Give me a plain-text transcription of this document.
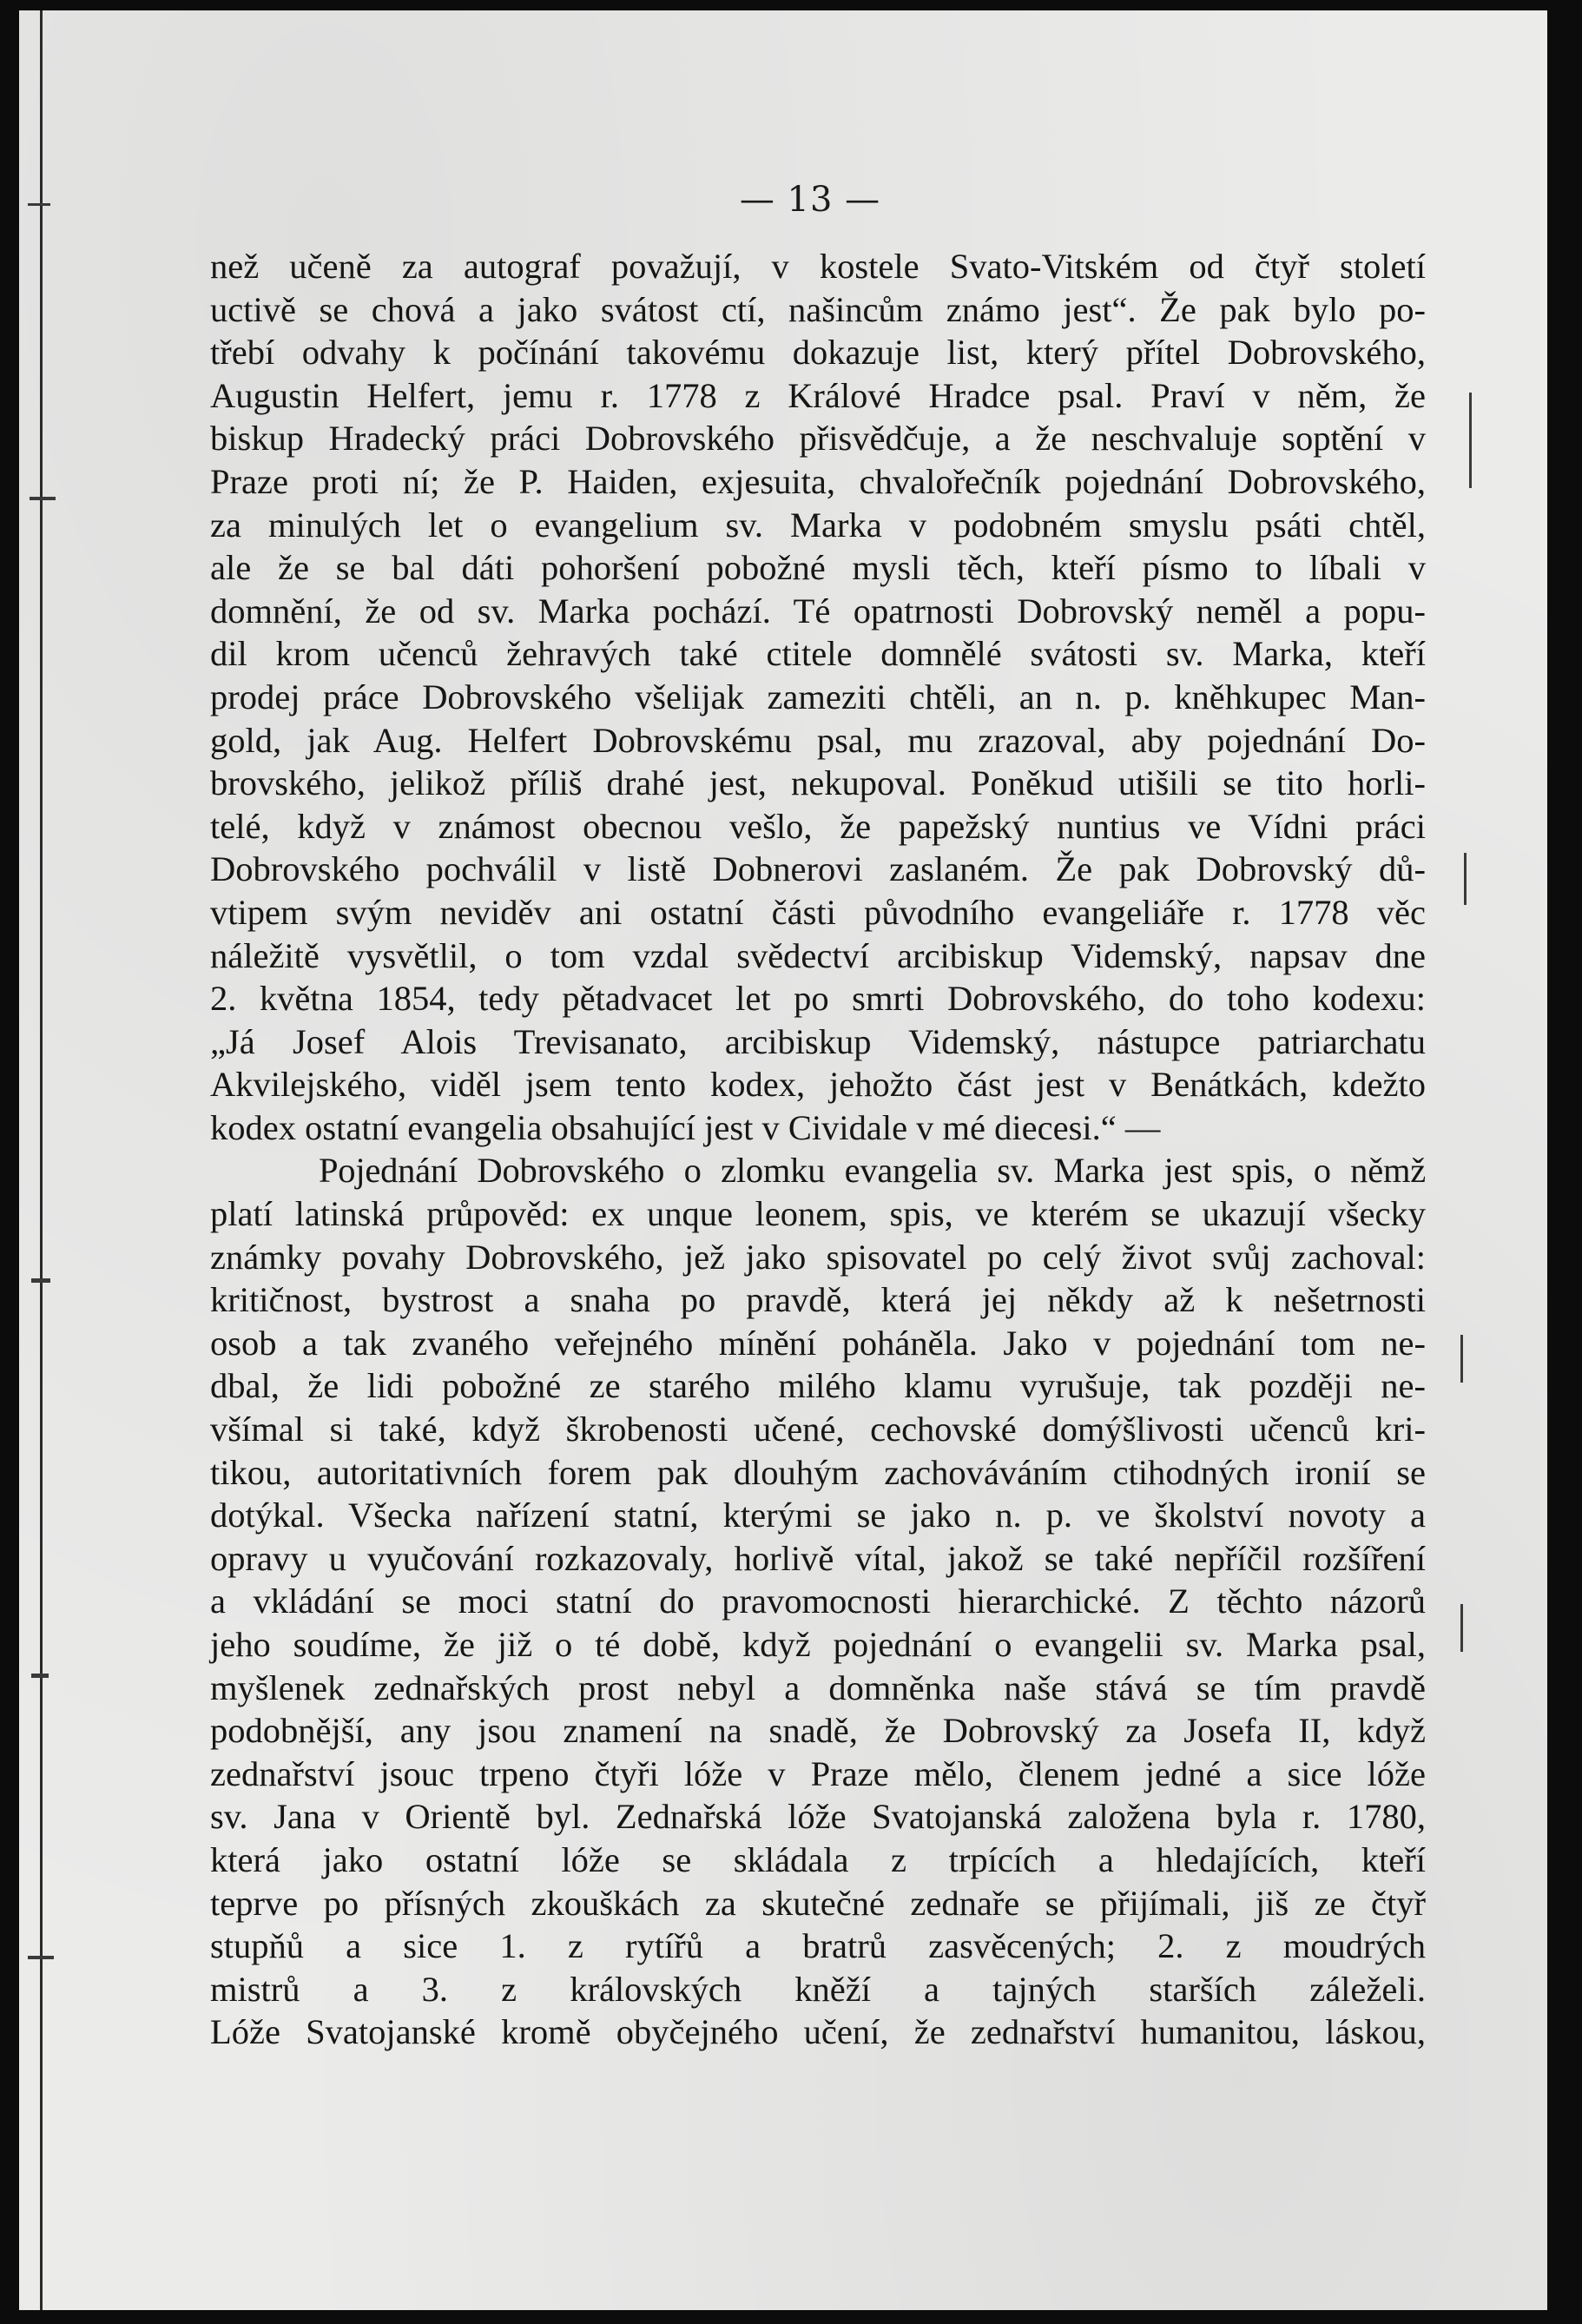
— 13 —
než učeně za autograf považují, v kostele Svato-Vitském od čtyř století
uctivě se chová a jako svátost ctí, našincům známo jest“. Že pak bylo po-
třebí odvahy k počínání takovému dokazuje list, který přítel Dobrovského,
Augustin Helfert, jemu r. 1778 z Králové Hradce psal. Praví v něm, že
biskup Hradecký práci Dobrovského přisvědčuje, a že neschvaluje soptění v
Praze proti ní; že P. Haiden, exjesuita, chvalořečník pojednání Dobrovského,
za minulých let o evangelium sv. Marka v podobném smyslu psáti chtěl,
ale že se bal dáti pohoršení pobožné mysli těch, kteří písmo to líbali v
domnění, že od sv. Marka pochází. Té opatrnosti Dobrovský neměl a popu-
dil krom učenců žehravých také ctitele domnělé svátosti sv. Marka, kteří
prodej práce Dobrovského všelijak zameziti chtěli, an n. p. kněhkupec Man-
gold, jak Aug. Helfert Dobrovskému psal, mu zrazoval, aby pojednání Do-
brovského, jelikož příliš drahé jest, nekupoval. Poněkud utišili se tito horli-
telé, když v známost obecnou vešlo, že papežský nuntius ve Vídni práci
Dobrovského pochválil v listě Dobnerovi zaslaném. Že pak Dobrovský dů-
vtipem svým neviděv ani ostatní části původního evangeliáře r. 1778 věc
náležitě vysvětlil, o tom vzdal svědectví arcibiskup Videmský, napsav dne
2. května 1854, tedy pětadvacet let po smrti Dobrovského, do toho kodexu:
„Já Josef Alois Trevisanato, arcibiskup Videmský, nástupce patriarchatu
Akvilejského, viděl jsem tento kodex, jehožto část jest v Benátkách, kdežto
kodex ostatní evangelia obsahující jest v Cividale v mé diecesi.“ —
Pojednání Dobrovského o zlomku evangelia sv. Marka jest spis, o němž
platí latinská průpověd: ex unque leonem, spis, ve kterém se ukazují všecky
známky povahy Dobrovského, jež jako spisovatel po celý život svůj zachoval:
kritičnost, bystrost a snaha po pravdě, která jej někdy až k nešetrnosti
osob a tak zvaného veřejného mínění poháněla. Jako v pojednání tom ne-
dbal, že lidi pobožné ze starého milého klamu vyrušuje, tak později ne-
všímal si také, když škrobenosti učené, cechovské domýšlivosti učenců kri-
tikou, autoritativních forem pak dlouhým zachováváním ctihodných ironií se
dotýkal. Všecka nařízení statní, kterými se jako n. p. ve školství novoty a
opravy u vyučování rozkazovaly, horlivě vítal, jakož se také nepříčil rozšíření
a vkládání se moci statní do pravomocnosti hierarchické. Z těchto názorů
jeho soudíme, že již o té době, když pojednání o evangelii sv. Marka psal,
myšlenek zednařských prost nebyl a domněnka naše stává se tím pravdě
podobnější, any jsou znamení na snadě, že Dobrovský za Josefa II, když
zednařství jsouc trpeno čtyři lóže v Praze mělo, členem jedné a sice lóže
sv. Jana v Orientě byl. Zednařská lóže Svatojanská založena byla r. 1780,
která jako ostatní lóže se skládala z trpících a hledajících, kteří
teprve po přísných zkouškách za skutečné zednaře se přijímali, jiš ze čtyř
stupňů a sice 1. z rytířů a bratrů zasvěcených; 2. z moudrých
mistrů a 3. z královských kněží a tajných starších záleželi.
Lóže Svatojanské kromě obyčejného učení, že zednařství humanitou, láskou,
